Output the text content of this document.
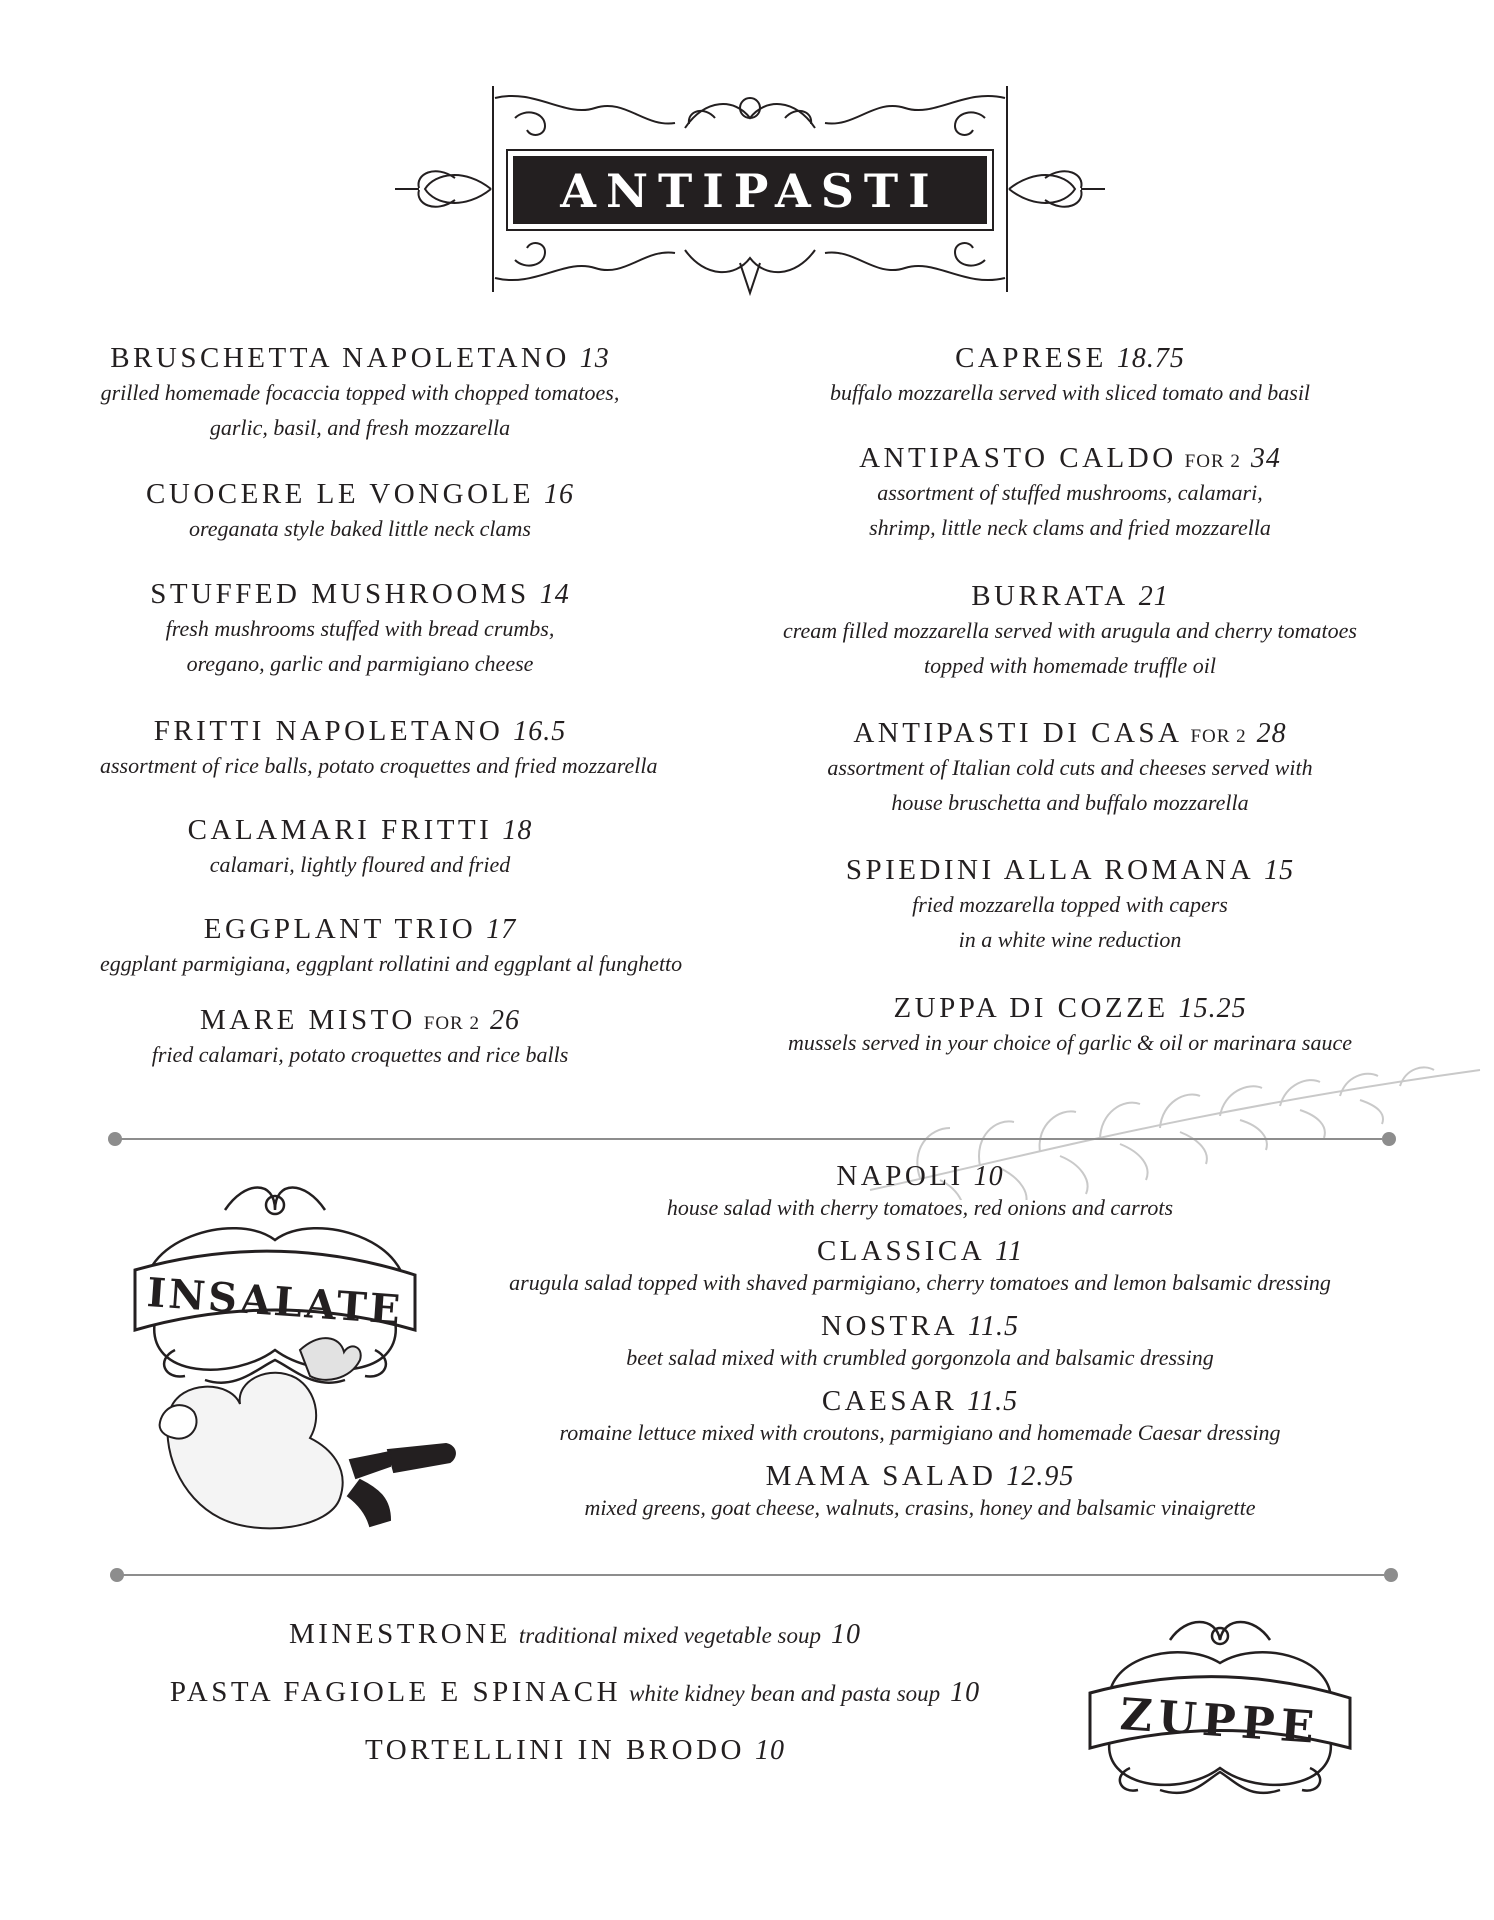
ANTIPASTI
BRUSCHETTA NAPOLETANO 13
grilled homemade focaccia topped with chopped tomatoes,
garlic, basil, and fresh mozzarella
CUOCERE LE VONGOLE 16
oreganata style baked little neck clams
STUFFED MUSHROOMS 14
fresh mushrooms stuffed with bread crumbs,
oregano, garlic and parmigiano cheese
FRITTI NAPOLETANO 16.5
assortment of rice balls, potato croquettes and fried mozzarella
CALAMARI FRITTI 18
calamari, lightly floured and fried
EGGPLANT TRIO 17
eggplant parmigiana, eggplant rollatini and eggplant al funghetto
MARE MISTO FOR 2 26
fried calamari, potato croquettes and rice balls
CAPRESE 18.75
buffalo mozzarella served with sliced tomato and basil
ANTIPASTO CALDO FOR 2 34
assortment of stuffed mushrooms, calamari,
shrimp, little neck clams and fried mozzarella
BURRATA 21
cream filled mozzarella served with arugula and cherry tomatoes
topped with homemade truffle oil
ANTIPASTI DI CASA FOR 2 28
assortment of Italian cold cuts and cheeses served with
house bruschetta and buffalo mozzarella
SPIEDINI ALLA ROMANA 15
fried mozzarella topped with capers
in a white wine reduction
ZUPPA DI COZZE 15.25
mussels served in your choice of garlic & oil or marinara sauce
INSALATE
NAPOLI 10
house salad with cherry tomatoes, red onions and carrots
CLASSICA 11
arugula salad topped with shaved parmigiano, cherry tomatoes and lemon balsamic dressing
NOSTRA 11.5
beet salad mixed with crumbled gorgonzola and balsamic dressing
CAESAR 11.5
romaine lettuce mixed with croutons, parmigiano and homemade Caesar dressing
MAMA SALAD 12.95
mixed greens, goat cheese, walnuts, crasins, honey and balsamic vinaigrette
MINESTRONE traditional mixed vegetable soup 10
PASTA FAGIOLE E SPINACH white kidney bean and pasta soup 10
TORTELLINI IN BRODO 10	ZUPPE
